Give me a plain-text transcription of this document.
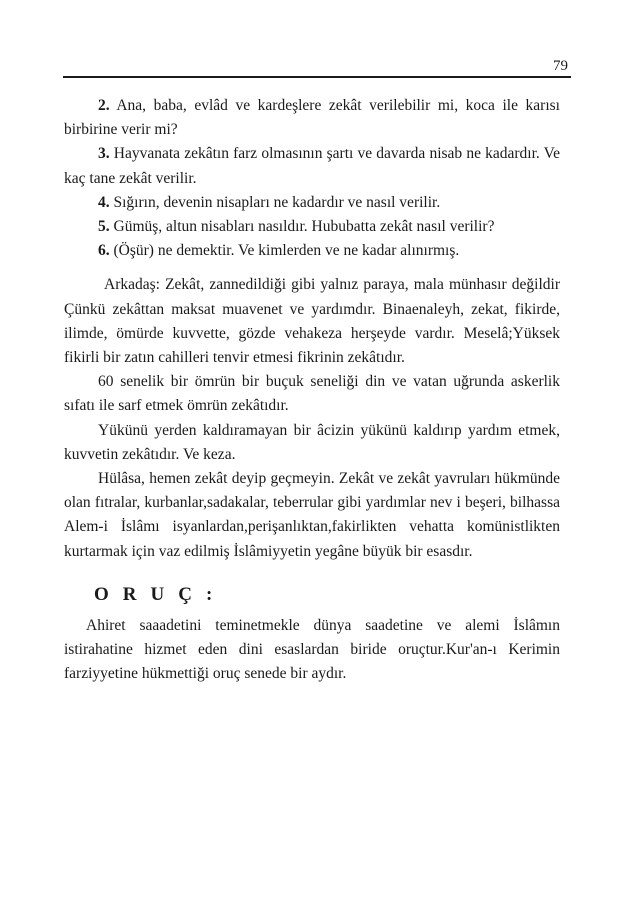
79

2. Ana, baba, evlâd ve kardeşlere zekât verilebilir mi, koca ile karısı birbirine verir mi?

3. Hayvanata zekâtın farz olmasının şartı ve davarda nisab ne kadardır. Ve kaç tane zekât verilir.

4. Sığırın, devenin nisapları ne kadardır ve nasıl verilir.

5. Gümüş, altun nisabları nasıldır. Hububatta zekât nasıl verilir?

6. (Öşür) ne demektir. Ve kimlerden ve ne kadar alınırmış.

Arkadaş: Zekât, zannedildiği gibi yalnız paraya, mala münhasır değildir Çünkü zekâttan maksat muavenet ve yardımdır. Binaenaleyh, zekat, fikirde, ilimde, ömürde kuvvette, gözde vehakeza herşeyde vardır. Meselâ;Yüksek fikirli bir zatın cahilleri tenvir etmesi fikrinin zekâtıdır.

60 senelik bir ömrün bir buçuk seneliği din ve vatan uğrunda askerlik sıfatı ile sarf etmek ömrün zekâtıdır.

Yükünü yerden kaldıramayan bir âcizin yükünü kaldırıp yardım etmek, kuvvetin zekâtıdır. Ve keza.

Hülâsa, hemen zekât deyip geçmeyin. Zekât ve zekât yavruları hükmünde olan fıtralar, kurbanlar,sadakalar, teberrular gibi yardımlar nev i beşeri, bilhassa Alem-i İslâmı isyanlardan,perişanlıktan,fakirlikten vehatta komünistlikten kurtarmak için vaz edilmiş İslâmiyyetin yegâne büyük bir esasdır.

ORUÇ:

Ahiret saaadetini teminetmekle dünya saadetine ve alemi İslâmın istirahatine hizmet eden dini esaslardan biride oruçtur.Kur'an-ı Kerimin farziyyetine hükmettiği oruç senede bir aydır.
